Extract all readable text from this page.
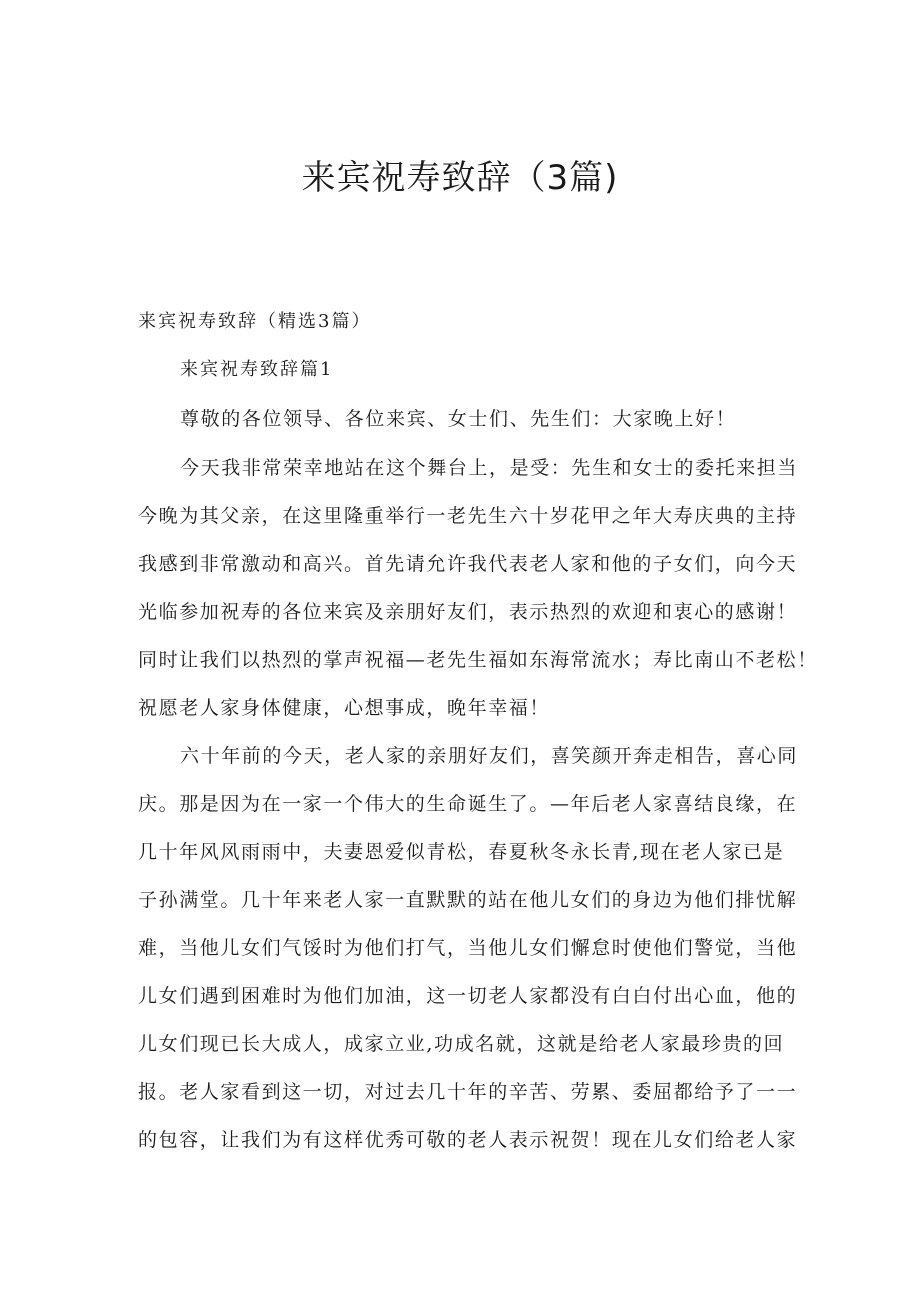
来宾祝寿致辞（3篇)

来宾祝寿致辞（精选3篇）

来宾祝寿致辞篇1

尊敬的各位领导、各位来宾、女士们、先生们：大家晚上好！

今天我非常荣幸地站在这个舞台上，是受：先生和女士的委托来担当

今晚为其父亲，在这里隆重举行一老先生六十岁花甲之年大寿庆典的主持

我感到非常激动和高兴。首先请允许我代表老人家和他的子女们，向今天

光临参加祝寿的各位来宾及亲朋好友们，表示热烈的欢迎和衷心的感谢！

同时让我们以热烈的掌声祝福—老先生福如东海常流水；寿比南山不老松！

祝愿老人家身体健康，心想事成，晚年幸福！

六十年前的今天，老人家的亲朋好友们，喜笑颜开奔走相告，喜心同

庆。那是因为在一家一个伟大的生命诞生了。—年后老人家喜结良缘，在

几十年风风雨雨中，夫妻恩爱似青松，春夏秋冬永长青,现在老人家已是

子孙满堂。几十年来老人家一直默默的站在他儿女们的身边为他们排忧解

难，当他儿女们气馁时为他们打气，当他儿女们懈怠时使他们警觉，当他

儿女们遇到困难时为他们加油，这一切老人家都没有白白付出心血，他的

儿女们现已长大成人，成家立业,功成名就，这就是给老人家最珍贵的回

报。老人家看到这一切，对过去几十年的辛苦、劳累、委屈都给予了一一

的包容，让我们为有这样优秀可敬的老人表示祝贺！现在儿女们给老人家
